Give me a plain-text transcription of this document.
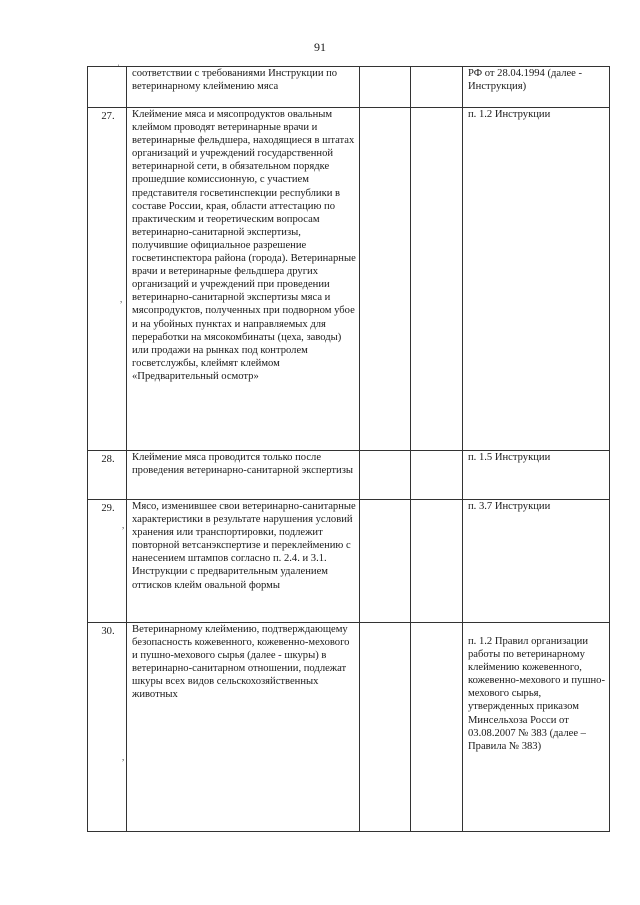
91
	соответствии с требованиями Инструкции по ветеринарному клеймению мяса			РФ от 28.04.1994 (далее - Инструкция)

27.	Клеймение мяса и мясопродуктов овальным клеймом проводят ветеринарные врачи и ветеринарные фельдшера, находящиеся в штатах организаций и учреждений государственной ветеринарной сети, в обязательном порядке прошедшие комиссионную, с участием представителя госветинспекции республики в составе России, края, области аттестацию по практическим и теоретическим вопросам ветеринарно-санитарной экспертизы, получившие официальное разрешение госветинспектора района (города). Ветеринарные врачи и ветеринарные фельдшера других организаций и учреждений при проведении ветеринарно-санитарной экспертизы мяса и мясопродуктов, полученных при подворном убое и на убойных пунктах и направляемых для переработки на мясокомбинаты (цеха, заводы) или продажи на рынках под контролем госветслужбы, клеймят клеймом «Предварительный осмотр»			п. 1.2 Инструкции

28.	Клеймение мяса проводится только после проведения ветеринарно-санитарной экспертизы			п. 1.5 Инструкции

29.	Мясо, изменившее свои ветеринарно-санитарные характеристики в результате нарушения условий хранения или транспортировки, подлежит повторной ветсанэкспертизе и переклеймению с нанесением штампов согласно п. 2.4. и 3.1. Инструкции с предварительным удалением оттисков клейм овальной формы			п. 3.7 Инструкции

30.	Ветеринарному клеймению, подтверждающему безопасность кожевенного, кожевенно-мехового и пушно-мехового сырья (далее - шкуры) в ветеринарно-санитарном отношении, подлежат шкуры всех видов сельскохозяйственных животных			п. 1.2 Правил организации работы по ветеринарному клеймению кожевенного, кожевенно-мехового и пушно-мехового сырья, утвержденных приказом Минсельхоза Росси от 03.08.2007 № 383 (далее – Правила № 383)
ˈ
,
,
,
